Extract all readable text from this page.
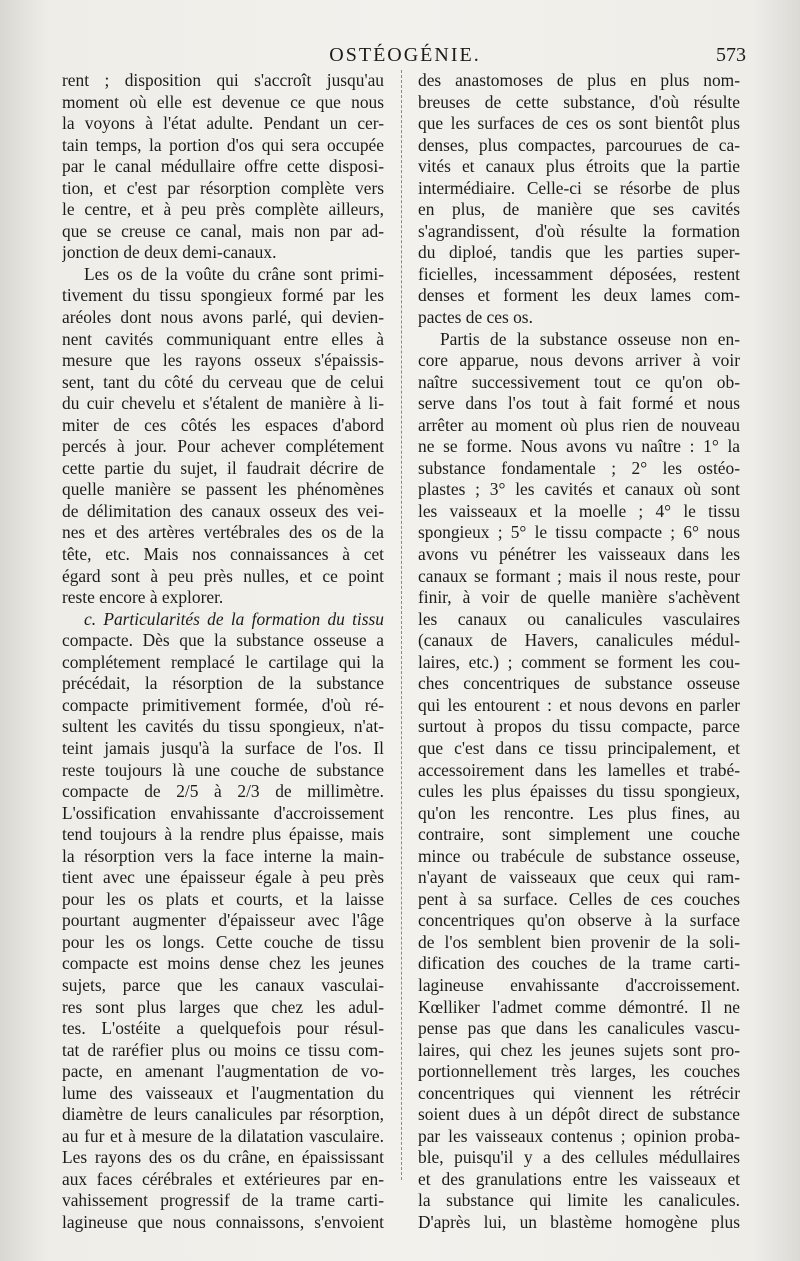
OSTÉOGÉNIE.	573
rent ; disposition qui s'accroît jusqu'au
moment où elle est devenue ce que nous
la voyons à l'état adulte. Pendant un cer-
tain temps, la portion d'os qui sera occupée
par le canal médullaire offre cette disposi-
tion, et c'est par résorption complète vers
le centre, et à peu près complète ailleurs,
que se creuse ce canal, mais non par ad-
jonction de deux demi-canaux.
Les os de la voûte du crâne sont primi-
tivement du tissu spongieux formé par les
aréoles dont nous avons parlé, qui devien-
nent cavités communiquant entre elles à
mesure que les rayons osseux s'épaissis-
sent, tant du côté du cerveau que de celui
du cuir chevelu et s'étalent de manière à li-
miter de ces côtés les espaces d'abord
percés à jour. Pour achever complétement
cette partie du sujet, il faudrait décrire de
quelle manière se passent les phénomènes
de délimitation des canaux osseux des vei-
nes et des artères vertébrales des os de la
tête, etc. Mais nos connaissances à cet
égard sont à peu près nulles, et ce point
reste encore à explorer.
c. Particularités de la formation du tissu
compacte. Dès que la substance osseuse a
complétement remplacé le cartilage qui la
précédait, la résorption de la substance
compacte primitivement formée, d'où ré-
sultent les cavités du tissu spongieux, n'at-
teint jamais jusqu'à la surface de l'os. Il
reste toujours là une couche de substance
compacte de 2/5 à 2/3 de millimètre.
L'ossification envahissante d'accroissement
tend toujours à la rendre plus épaisse, mais
la résorption vers la face interne la main-
tient avec une épaisseur égale à peu près
pour les os plats et courts, et la laisse
pourtant augmenter d'épaisseur avec l'âge
pour les os longs. Cette couche de tissu
compacte est moins dense chez les jeunes
sujets, parce que les canaux vasculai-
res sont plus larges que chez les adul-
tes. L'ostéite a quelquefois pour résul-
tat de raréfier plus ou moins ce tissu com-
pacte, en amenant l'augmentation de vo-
lume des vaisseaux et l'augmentation du
diamètre de leurs canalicules par résorption,
au fur et à mesure de la dilatation vasculaire.
Les rayons des os du crâne, en épaississant
aux faces cérébrales et extérieures par en-
vahissement progressif de la trame carti-
lagineuse que nous connaissons, s'envoient
des anastomoses de plus en plus nom-
breuses de cette substance, d'où résulte
que les surfaces de ces os sont bientôt plus
denses, plus compactes, parcourues de ca-
vités et canaux plus étroits que la partie
intermédiaire. Celle-ci se résorbe de plus
en plus, de manière que ses cavités
s'agrandissent, d'où résulte la formation
du diploé, tandis que les parties super-
ficielles, incessamment déposées, restent
denses et forment les deux lames com-
pactes de ces os.
Partis de la substance osseuse non en-
core apparue, nous devons arriver à voir
naître successivement tout ce qu'on ob-
serve dans l'os tout à fait formé et nous
arrêter au moment où plus rien de nouveau
ne se forme. Nous avons vu naître : 1° la
substance fondamentale ; 2° les ostéo-
plastes ; 3° les cavités et canaux où sont
les vaisseaux et la moelle ; 4° le tissu
spongieux ; 5° le tissu compacte ; 6° nous
avons vu pénétrer les vaisseaux dans les
canaux se formant ; mais il nous reste, pour
finir, à voir de quelle manière s'achèvent
les canaux ou canalicules vasculaires
(canaux de Havers, canalicules médul-
laires, etc.) ; comment se forment les cou-
ches concentriques de substance osseuse
qui les entourent : et nous devons en parler
surtout à propos du tissu compacte, parce
que c'est dans ce tissu principalement, et
accessoirement dans les lamelles et trabé-
cules les plus épaisses du tissu spongieux,
qu'on les rencontre. Les plus fines, au
contraire, sont simplement une couche
mince ou trabécule de substance osseuse,
n'ayant de vaisseaux que ceux qui ram-
pent à sa surface. Celles de ces couches
concentriques qu'on observe à la surface
de l'os semblent bien provenir de la soli-
dification des couches de la trame carti-
lagineuse envahissante d'accroissement.
Kœlliker l'admet comme démontré. Il ne
pense pas que dans les canalicules vascu-
laires, qui chez les jeunes sujets sont pro-
portionnellement très larges, les couches
concentriques qui viennent les rétrécir
soient dues à un dépôt direct de substance
par les vaisseaux contenus ; opinion proba-
ble, puisqu'il y a des cellules médullaires
et des granulations entre les vaisseaux et
la substance qui limite les canalicules.
D'après lui, un blastème homogène plus
